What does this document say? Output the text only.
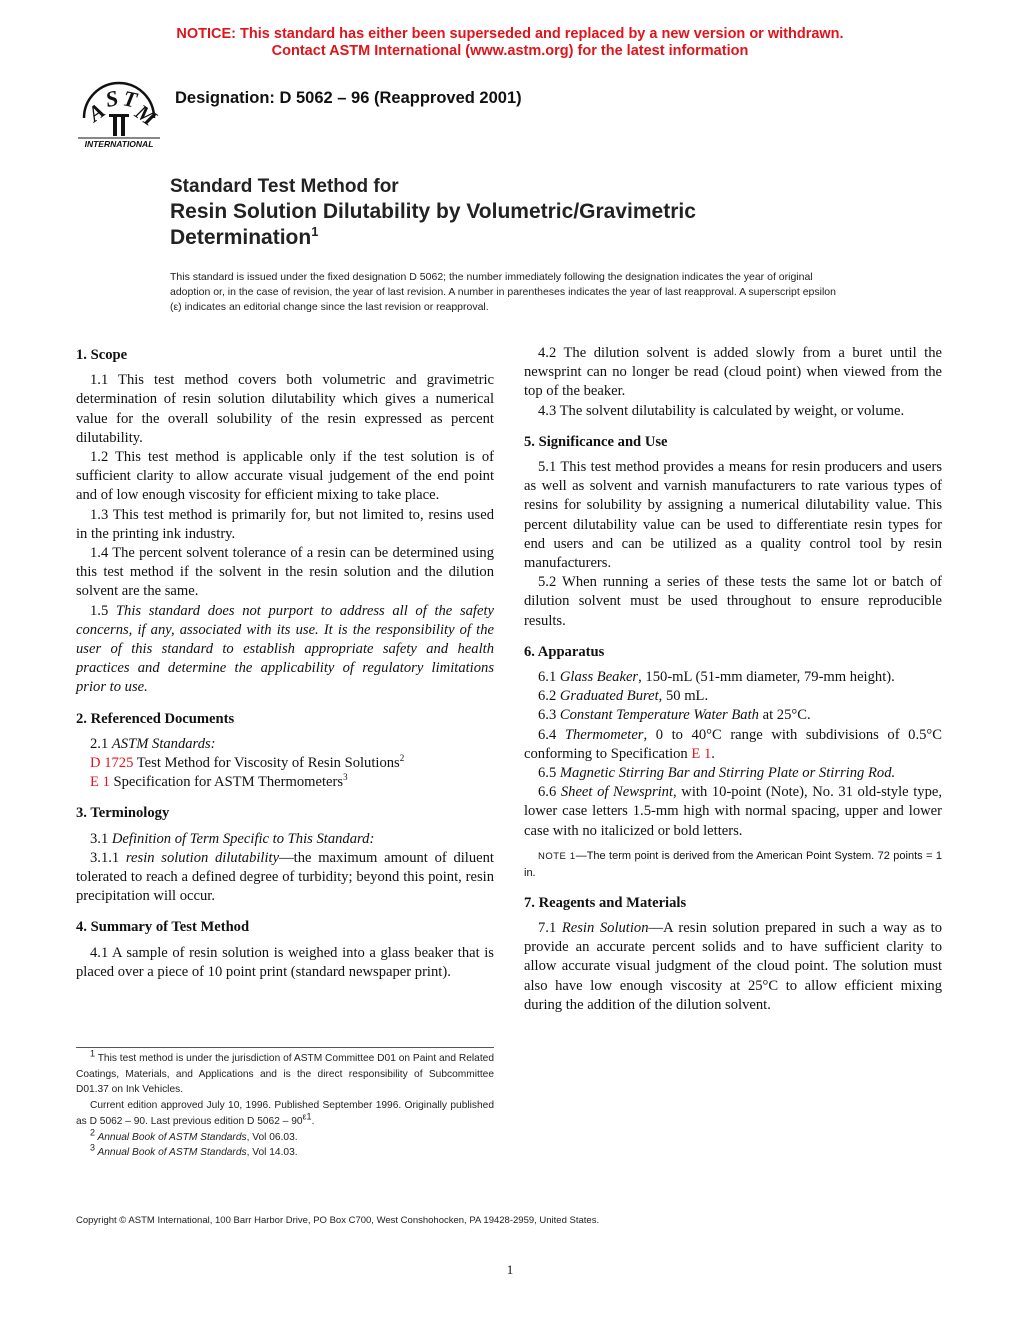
NOTICE: This standard has either been superseded and replaced by a new version or withdrawn.
Contact ASTM International (www.astm.org) for the latest information
A
S T
M
INTERNATIONAL
Designation: D 5062 – 96 (Reapproved 2001)
Standard Test Method for
Resin Solution Dilutability by Volumetric/Gravimetric
Determination$^1$
This standard is issued under the fixed designation D 5062; the number immediately following the designation indicates the year of original adoption or, in the case of revision, the year of last revision. A number in parentheses indicates the year of last reapproval. A superscript epsilon (ε) indicates an editorial change since the last revision or reapproval.
1. Scope
1.1 This test method covers both volumetric and gravimetric determination of resin solution dilutability which gives a numerical value for the overall solubility of the resin expressed as percent dilutability.
1.2 This test method is applicable only if the test solution is of sufficient clarity to allow accurate visual judgement of the end point and of low enough viscosity for efficient mixing to take place.
1.3 This test method is primarily for, but not limited to, resins used in the printing ink industry.
1.4 The percent solvent tolerance of a resin can be determined using this test method if the solvent in the resin solution and the dilution solvent are the same.
1.5 This standard does not purport to address all of the safety concerns, if any, associated with its use. It is the responsibility of the user of this standard to establish appropriate safety and health practices and determine the applicability of regulatory limitations prior to use.
2. Referenced Documents
2.1 ASTM Standards:
D 1725 Test Method for Viscosity of Resin Solutions$^2$
E 1 Specification for ASTM Thermometers$^3$
3. Terminology
3.1 Definition of Term Specific to This Standard:
3.1.1 resin solution dilutability—the maximum amount of diluent tolerated to reach a defined degree of turbidity; beyond this point, resin precipitation will occur.
4. Summary of Test Method
4.1 A sample of resin solution is weighed into a glass beaker that is placed over a piece of 10 point print (standard newspaper print).
$^1$ This test method is under the jurisdiction of ASTM Committee D01 on Paint and Related Coatings, Materials, and Applications and is the direct responsibility of Subcommittee D01.37 on Ink Vehicles.
Current edition approved July 10, 1996. Published September 1996. Originally published as D 5062 – 90. Last previous edition D $5062 - 90^{\varepsilon 1}$.
$^2$ Annual Book of ASTM Standards, Vol 06.03.
$^3$ Annual Book of ASTM Standards, Vol 14.03.
4.2 The dilution solvent is added slowly from a buret until the newsprint can no longer be read (cloud point) when viewed from the top of the beaker.
4.3 The solvent dilutability is calculated by weight, or volume.
5. Significance and Use
5.1 This test method provides a means for resin producers and users as well as solvent and varnish manufacturers to rate various types of resins for solubility by assigning a numerical dilutability value. This percent dilutability value can be used to differentiate resin types for end users and can be utilized as a quality control tool by resin manufacturers.
5.2 When running a series of these tests the same lot or batch of dilution solvent must be used throughout to ensure reproducible results.
6. Apparatus
6.1 Glass Beaker, 150-mL (51-mm diameter, 79-mm height).
6.2 Graduated Buret, 50 mL.
6.3 Constant Temperature Water Bath at 25°C.
6.4 Thermometer, 0 to 40°C range with subdivisions of 0.5°C conforming to Specification E 1.
6.5 Magnetic Stirring Bar and Stirring Plate or Stirring Rod.
6.6 Sheet of Newsprint, with 10-point (Note), No. 31 old-style type, lower case letters 1.5-mm high with normal spacing, upper and lower case with no italicized or bold letters.
NOTE 1—The term point is derived from the American Point System. 72 points = 1 in.
7. Reagents and Materials
7.1 Resin Solution—A resin solution prepared in such a way as to provide an accurate percent solids and to have sufficient clarity to allow accurate visual judgment of the cloud point. The solution must also have low enough viscosity at 25°C to allow efficient mixing during the addition of the dilution solvent.
Copyright © ASTM International, 100 Barr Harbor Drive, PO Box C700, West Conshohocken, PA 19428-2959, United States.
1
